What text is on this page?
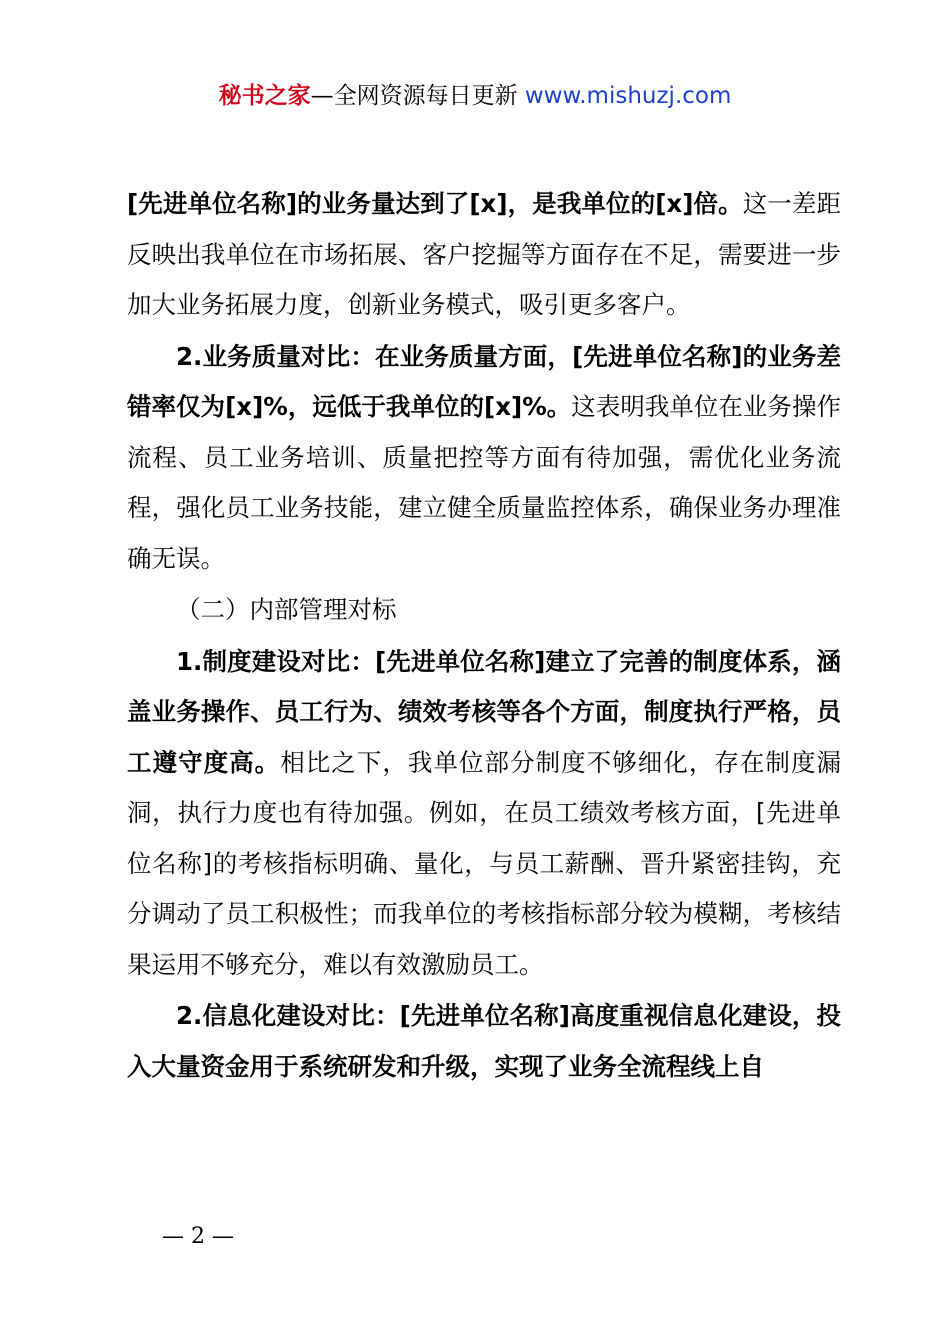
秘书之家—全网资源每日更新 www.mishuzj.com

[先进单位名称]的业务量达到了[x]，是我单位的[x]倍。这一差距反映出我单位在市场拓展、客户挖掘等方面存在不足，需要进一步加大业务拓展力度，创新业务模式，吸引更多客户。

2.业务质量对比：在业务质量方面，[先进单位名称]的业务差错率仅为[x]%，远低于我单位的[x]%。这表明我单位在业务操作流程、员工业务培训、质量把控等方面有待加强，需优化业务流程，强化员工业务技能，建立健全质量监控体系，确保业务办理准确无误。

（二）内部管理对标

1.制度建设对比：[先进单位名称]建立了完善的制度体系，涵盖业务操作、员工行为、绩效考核等各个方面，制度执行严格，员工遵守度高。相比之下，我单位部分制度不够细化，存在制度漏洞，执行力度也有待加强。例如，在员工绩效考核方面，[先进单位名称]的考核指标明确、量化，与员工薪酬、晋升紧密挂钩，充分调动了员工积极性；而我单位的考核指标部分较为模糊，考核结果运用不够充分，难以有效激励员工。

2.信息化建设对比：[先进单位名称]高度重视信息化建设，投入大量资金用于系统研发和升级，实现了业务全流程线上自

— 2 —
